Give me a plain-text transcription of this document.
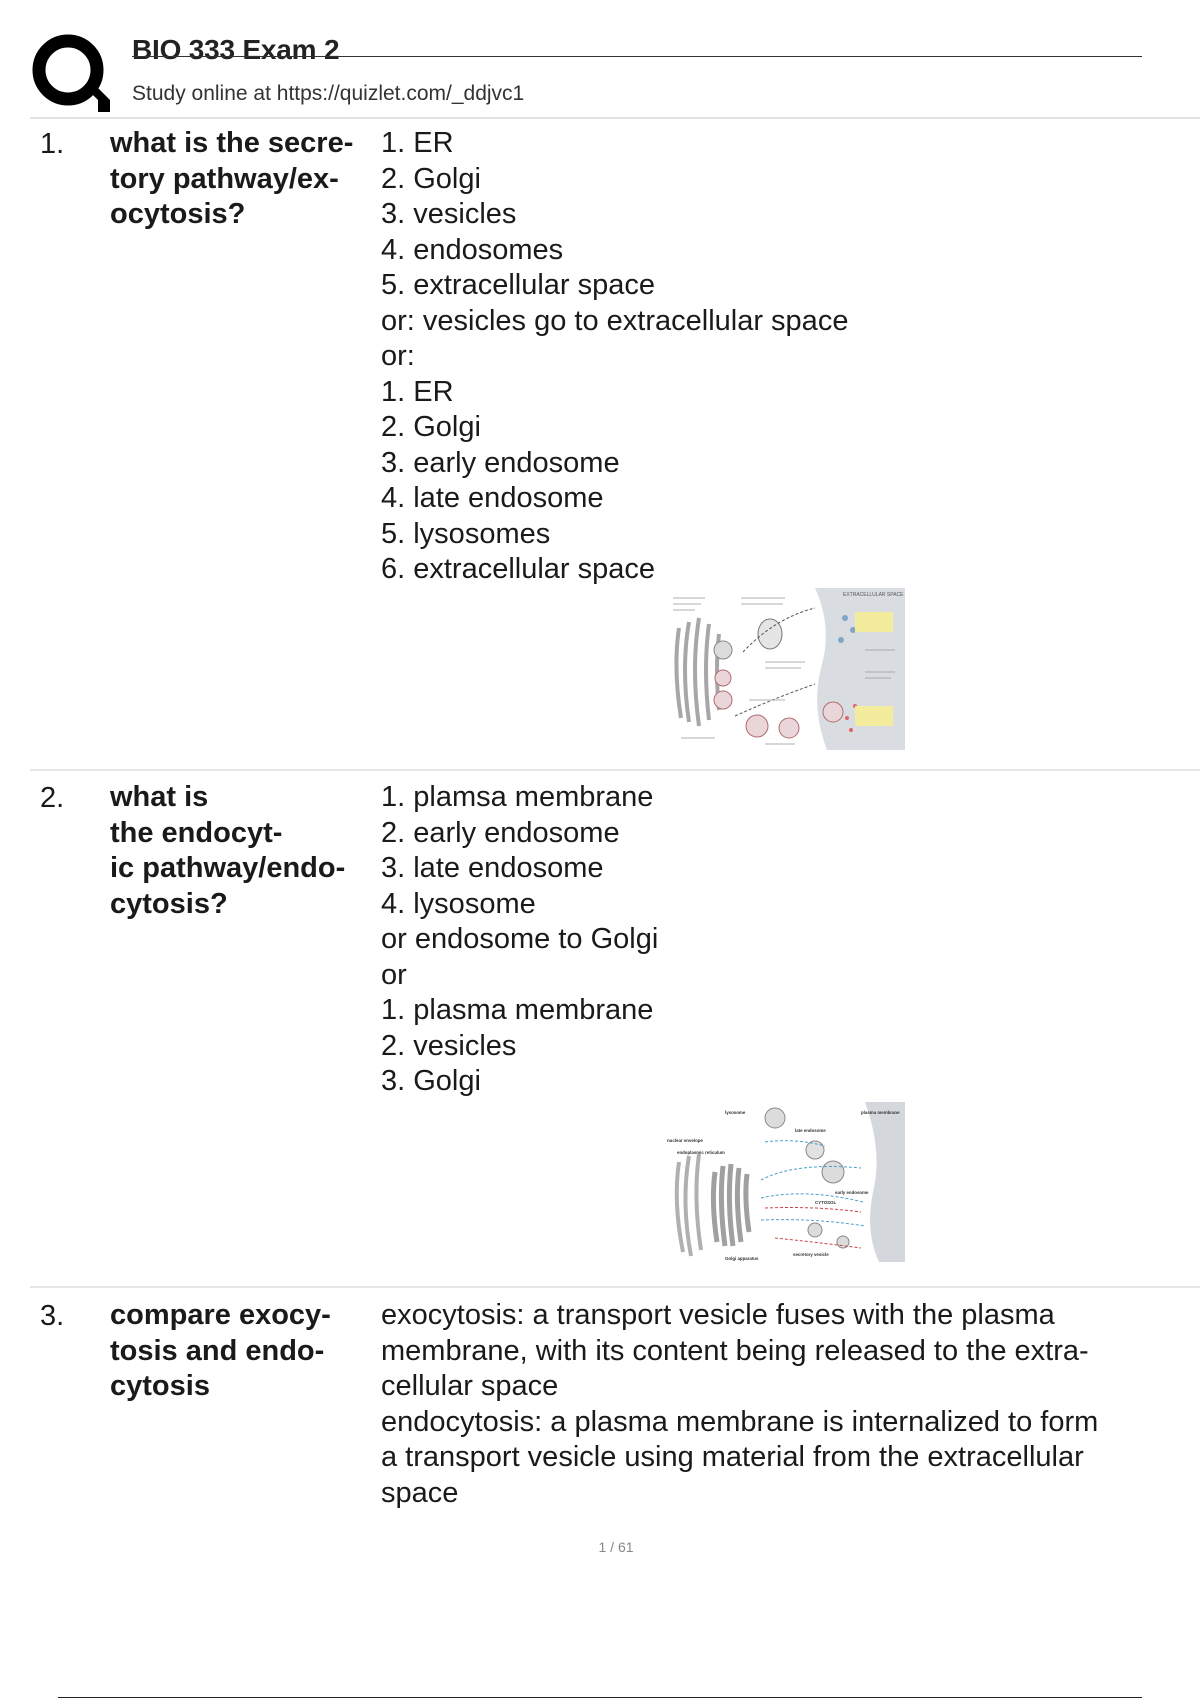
BIO 333 Exam 2
Study online at https://quizlet.com/_ddjvc1
1. what is the secre-
tory pathway/ex-
ocytosis?
1. ER
2. Golgi
3. vesicles
4. endosomes
5. extracellular space
or: vesicles go to extracellular space
or:
1. ER
2. Golgi
3. early endosome
4. late endosome
5. lysosomes
6. extracellular space
EXTRACELLULAR SPACE
2. what is
the endocyt-
ic pathway/endo-
cytosis?
1. plamsa membrane
2. early endosome
3. late endosome
4. lysosome
or endosome to Golgi
or
1. plasma membrane
2. vesicles
3. Golgi
lysosome	plasma membrane
late endosome
nuclear envelope
endoplasmic reticulum
early endosome
CYTOSOL
Golgi apparatus
secretory vesicle
3. compare exocy-
tosis and endo-
cytosis
exocytosis: a transport vesicle fuses with the plasma
membrane, with its content being released to the extra-
cellular space
endocytosis: a plasma membrane is internalized to form
a transport vesicle using material from the extracellular
space
1 / 61
